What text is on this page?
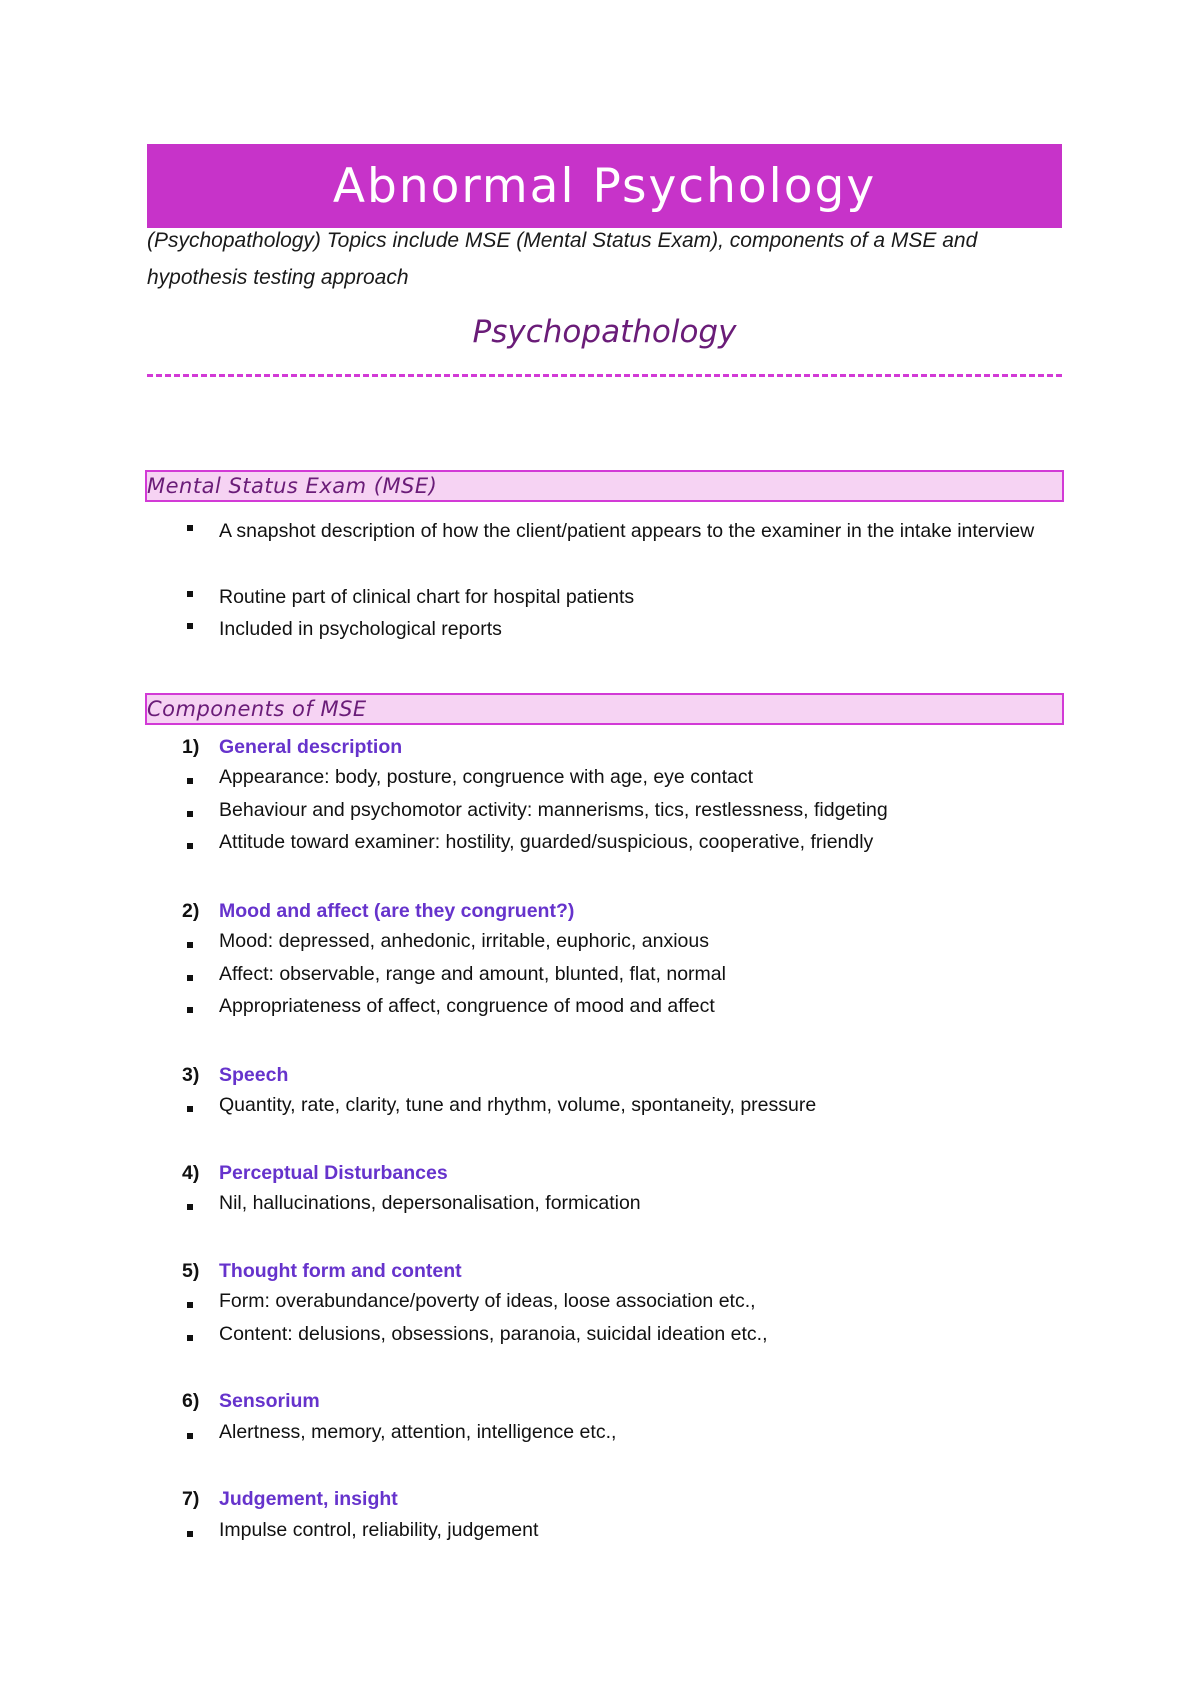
Abnormal Psychology
(Psychopathology) Topics include MSE (Mental Status Exam), components of a MSE and hypothesis testing approach
Psychopathology
Mental Status Exam (MSE)
A snapshot description of how the client/patient appears to the examiner in the intake interview
Routine part of clinical chart for hospital patients
Included in psychological reports
Components of MSE
1)	General description
Appearance: body, posture, congruence with age, eye contact
Behaviour and psychomotor activity: mannerisms, tics, restlessness, fidgeting
Attitude toward examiner: hostility, guarded/suspicious, cooperative, friendly
2)	Mood and affect (are they congruent?)
Mood: depressed, anhedonic, irritable, euphoric, anxious
Affect: observable, range and amount, blunted, flat, normal
Appropriateness of affect, congruence of mood and affect
3)	Speech
Quantity, rate, clarity, tune and rhythm, volume, spontaneity, pressure
4)	Perceptual Disturbances
Nil, hallucinations, depersonalisation, formication
5)	Thought form and content
Form: overabundance/poverty of ideas, loose association etc.,
Content: delusions, obsessions, paranoia, suicidal ideation etc.,
6)	Sensorium
Alertness, memory, attention, intelligence etc.,
7)	Judgement, insight
Impulse control, reliability, judgement
